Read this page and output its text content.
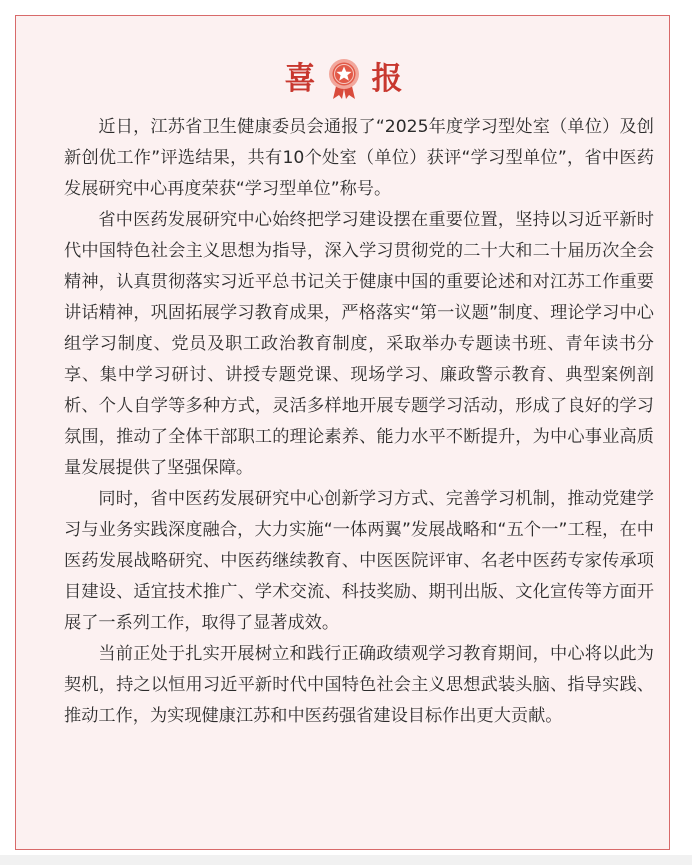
喜 报

近日，江苏省卫生健康委员会通报了“2025年度学习型处室（单位）及创新创优工作”评选结果，共有10个处室（单位）获评“学习型单位”，省中医药发展研究中心再度荣获“学习型单位”称号。

省中医药发展研究中心始终把学习建设摆在重要位置，坚持以习近平新时代中国特色社会主义思想为指导，深入学习贯彻党的二十大和二十届历次全会精神，认真贯彻落实习近平总书记关于健康中国的重要论述和对江苏工作重要讲话精神，巩固拓展学习教育成果，严格落实“第一议题”制度、理论学习中心组学习制度、党员及职工政治教育制度，采取举办专题读书班、青年读书分享、集中学习研讨、讲授专题党课、现场学习、廉政警示教育、典型案例剖析、个人自学等多种方式，灵活多样地开展专题学习活动，形成了良好的学习氛围，推动了全体干部职工的理论素养、能力水平不断提升，为中心事业高质量发展提供了坚强保障。

同时，省中医药发展研究中心创新学习方式、完善学习机制，推动党建学习与业务实践深度融合，大力实施“一体两翼”发展战略和“五个一”工程，在中医药发展战略研究、中医药继续教育、中医医院评审、名老中医药专家传承项目建设、适宜技术推广、学术交流、科技奖励、期刊出版、文化宣传等方面开展了一系列工作，取得了显著成效。

当前正处于扎实开展树立和践行正确政绩观学习教育期间，中心将以此为契机，持之以恒用习近平新时代中国特色社会主义思想武装头脑、指导实践、推动工作，为实现健康江苏和中医药强省建设目标作出更大贡献。
